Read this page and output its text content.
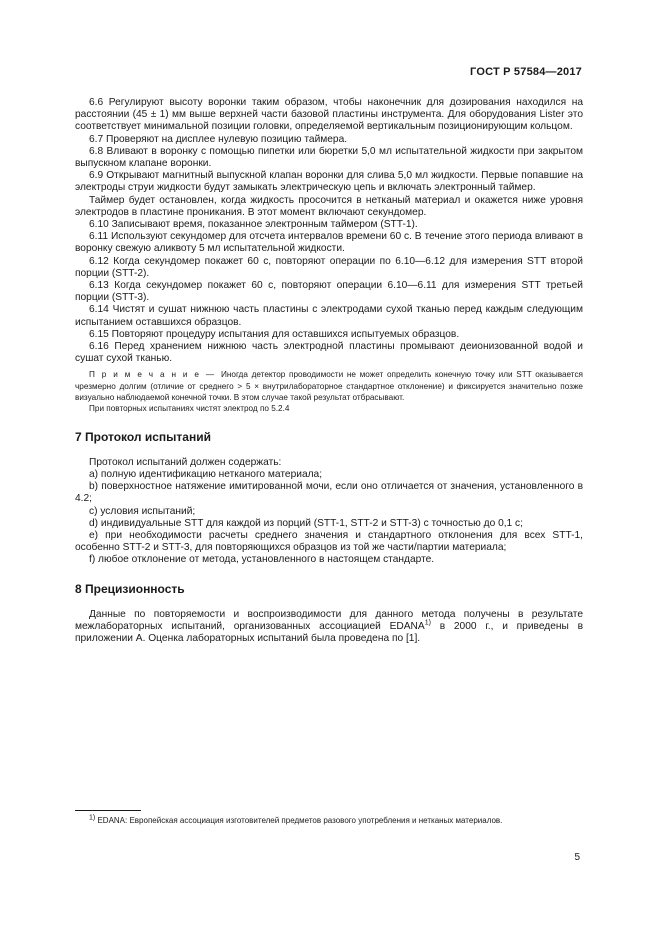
ГОСТ Р 57584—2017

6.6 Регулируют высоту воронки таким образом, чтобы наконечник для дозирования находился на расстоянии (45 ± 1) мм выше верхней части базовой пластины инструмента. Для оборудования Lister это соответствует минимальной позиции головки, определяемой вертикальным позиционирующим кольцом.

6.7 Проверяют на дисплее нулевую позицию таймера.

6.8 Вливают в воронку с помощью пипетки или бюретки 5,0 мл испытательной жидкости при закрытом выпускном клапане воронки.

6.9 Открывают магнитный выпускной клапан воронки для слива 5,0 мл жидкости. Первые попавшие на электроды струи жидкости будут замыкать электрическую цепь и включать электронный таймер.

Таймер будет остановлен, когда жидкость просочится в нетканый материал и окажется ниже уровня электродов в пластине проникания. В этот момент включают секундомер.

6.10 Записывают время, показанное электронным таймером (STT-1).

6.11 Используют секундомер для отсчета интервалов времени 60 с. В течение этого периода вливают в воронку свежую аликвоту 5 мл испытательной жидкости.

6.12 Когда секундомер покажет 60 с, повторяют операции по 6.10—6.12 для измерения STT второй порции (STT-2).

6.13 Когда секундомер покажет 60 с, повторяют операции 6.10—6.11 для измерения STT третьей порции (STT-3).

6.14 Чистят и сушат нижнюю часть пластины с электродами сухой тканью перед каждым следующим испытанием оставшихся образцов.

6.15 Повторяют процедуру испытания для оставшихся испытуемых образцов.

6.16 Перед хранением нижнюю часть электродной пластины промывают деионизованной водой и сушат сухой тканью.

П р и м е ч а н и е — Иногда детектор проводимости не может определить конечную точку или STT оказывается чрезмерно долгим (отличие от среднего > 5 × внутрилабораторное стандартное отклонение) и фиксируется значительно позже визуально наблюдаемой конечной точки. В этом случае такой результат отбрасывают.

При повторных испытаниях чистят электрод по 5.2.4

7 Протокол испытаний

Протокол испытаний должен содержать:

а) полную идентификацию нетканого материала;

b) поверхностное натяжение имитированной мочи, если оно отличается от значения, установленного в 4.2;

c) условия испытаний;

d) индивидуальные STT для каждой из порций (STT-1, STT-2 и STT-3) с точностью до 0,1 с;

e) при необходимости расчеты среднего значения и стандартного отклонения для всех STT-1, особенно STT-2 и STT-3, для повторяющихся образцов из той же части/партии материала;

f) любое отклонение от метода, установленного в настоящем стандарте.

8 Прецизионность

Данные по повторяемости и воспроизводимости для данного метода получены в результате межлабораторных испытаний, организованных ассоциацией EDANA$^{1)}$ в 2000 г., и приведены в приложении А. Оценка лабораторных испытаний была проведена по [1].

$^{1)}$ EDANA: Европейская ассоциация изготовителей предметов разового употребления и нетканых материалов.
5
